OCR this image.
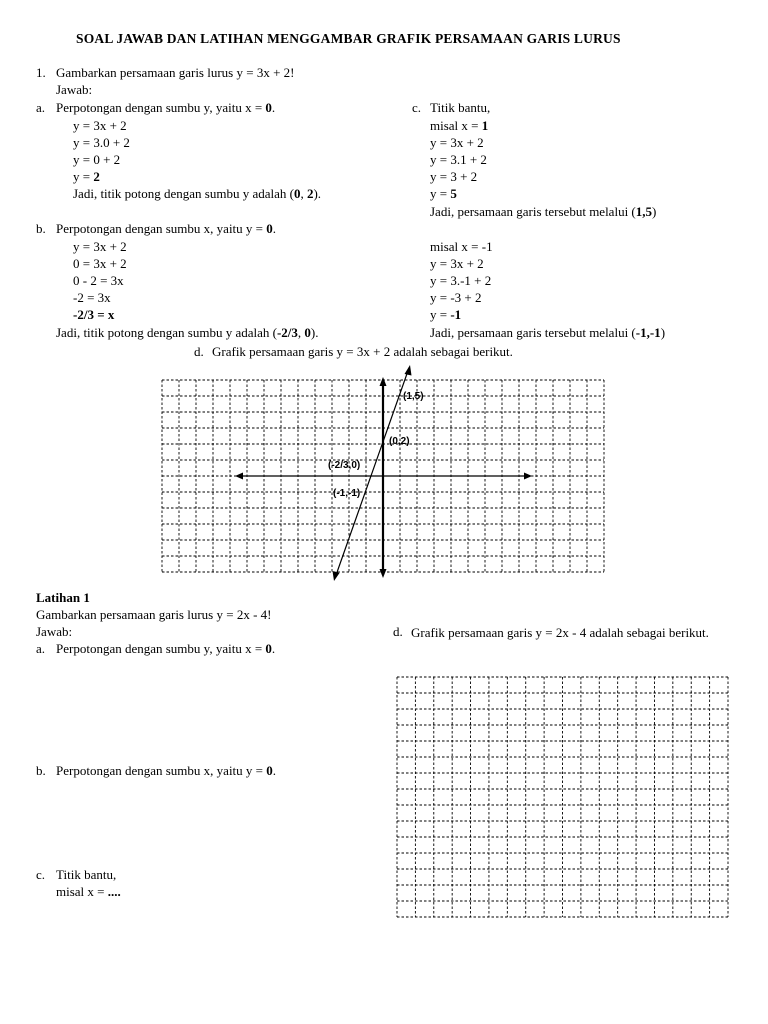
SOAL JAWAB DAN LATIHAN MENGGAMBAR GRAFIK PERSAMAAN GARIS LURUS
1. Gambarkan persamaan garis lurus y = 3x + 2!
Jawab:
a. Perpotongan dengan sumbu y, yaitu x = 0.
y = 3x + 2
y = 3.0 + 2
y = 0 + 2
y = 2
Jadi, titik potong dengan sumbu y adalah (0, 2).
c. Titik bantu,
misal x = 1
y = 3x + 2
y = 3.1 + 2
y = 3 + 2
y = 5
Jadi, persamaan garis tersebut melalui (1,5)
b. Perpotongan dengan sumbu x, yaitu y = 0.
y = 3x + 2
0 = 3x + 2
0 - 2 = 3x
-2 = 3x
-2/3 = x
Jadi, titik potong dengan sumbu y adalah (-2/3, 0).
misal x = -1
y = 3x + 2
y = 3.-1 + 2
y = -3 + 2
y = -1
Jadi, persamaan garis tersebut melalui (-1,-1)
d. Grafik persamaan garis y = 3x + 2 adalah sebagai berikut.
(1,5)
(0,2)
(-2/3,0)
(-1,-1)
Latihan 1
Gambarkan persamaan garis lurus y = 2x - 4!
Jawab:
a. Perpotongan dengan sumbu y, yaitu x = 0.
b. Perpotongan dengan sumbu x, yaitu y = 0.
c. Titik bantu,
misal x = ....
d. Grafik persamaan garis y = 2x - 4 adalah sebagai berikut.
